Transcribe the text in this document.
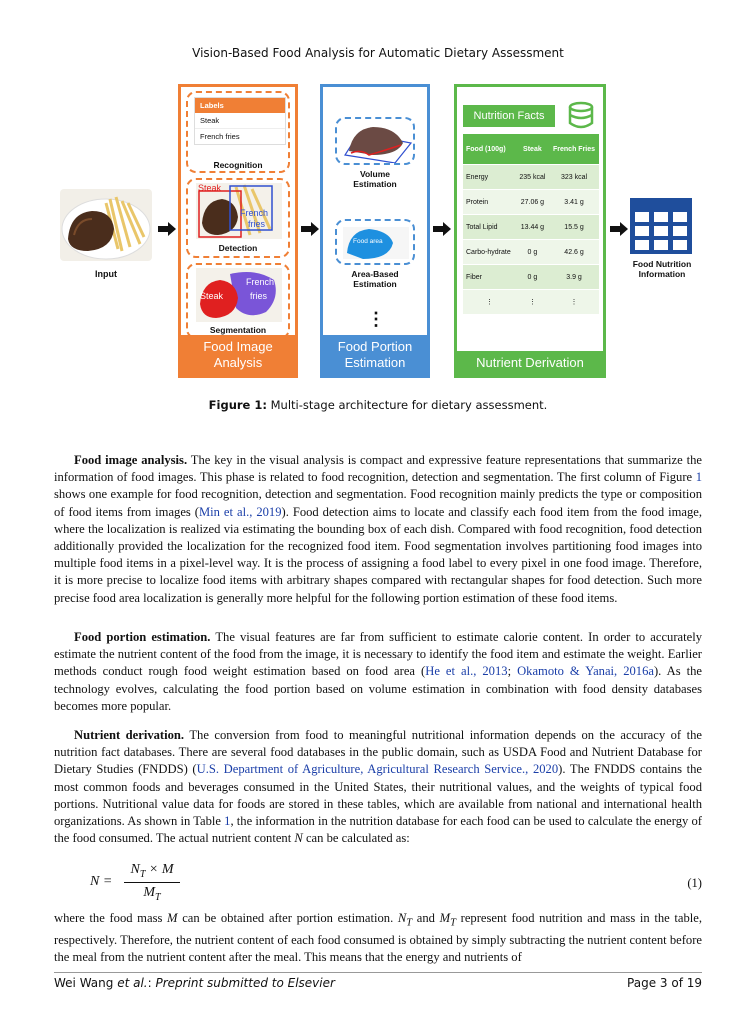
Vision-Based Food Analysis for Automatic Dietary Assessment
Input
Labels
Steak
French fries
Recognition
Steak
French
fries
Detection
French
fries
Steak
Segmentation
Food Image Analysis
Volume Estimation
Food area
Area-Based Estimation
⋮
Food Portion Estimation
Nutrition Facts
Food (100g)	Steak	French Fries
Energy	235 kcal	323 kcal
Protein	27.06 g	3.41 g
Total Lipid	13.44 g	15.5 g
Carbo-hydrate	0 g	42.6 g
Fiber	0 g	3.9 g
⋮	⋮	⋮
Nutrient Derivation
Food Nutrition Information
Figure 1: Multi-stage architecture for dietary assessment.

Food image analysis. The key in the visual analysis is compact and expressive feature representations that summarize the information of food images. This phase is related to food recognition, detection and segmentation. The first column of Figure 1 shows one example for food recognition, detection and segmentation. Food recognition mainly predicts the type or composition of food items from images (Min et al., 2019). Food detection aims to locate and classify each food item from the food image, where the localization is realized via estimating the bounding box of each dish. Compared with food recognition, food detection additionally provided the localization for the recognized food item. Food segmentation involves partitioning food images into multiple food items in a pixel-level way. It is the process of assigning a food label to every pixel in one food image. Therefore, it is more precise to localize food items with arbitrary shapes compared with rectangular shapes for food detection. Such more precise food area localization is generally more helpful for the following portion estimation of these food items.

Food portion estimation. The visual features are far from sufficient to estimate calorie content. In order to accurately estimate the nutrient content of the food from the image, it is necessary to identify the food item and estimate the weight. Earlier methods conduct rough food weight estimation based on food area (He et al., 2013; Okamoto & Yanai, 2016a). As the technology evolves, calculating the food portion based on volume estimation in combination with food density databases becomes more popular.

Nutrient derivation. The conversion from food to meaningful nutritional information depends on the accuracy of the nutrition fact databases. There are several food databases in the public domain, such as USDA Food and Nutrient Database for Dietary Studies (FNDDS) (U.S. Department of Agriculture, Agricultural Research Service., 2020). The FNDDS contains the most common foods and beverages consumed in the United States, their nutritional values, and the weights of typical food portions. Nutritional value data for foods are stored in these tables, which are available from national and international health organizations. As shown in Table 1, the information in the nutrition database for each food can be used to calculate the energy of the food consumed. The actual nutrient content N can be calculated as:

$N = \frac{N_T \times M}{M_T}$	(1)

where the food mass M can be obtained after portion estimation. $N_T$ and $M_T$ represent food nutrition and mass in the table, respectively. Therefore, the nutrient content of each food consumed is obtained by simply subtracting the nutrient content before the meal from the nutrient content after the meal. This means that the energy and nutrients of

Wei Wang et al.: Preprint submitted to Elsevier	Page 3 of 19
